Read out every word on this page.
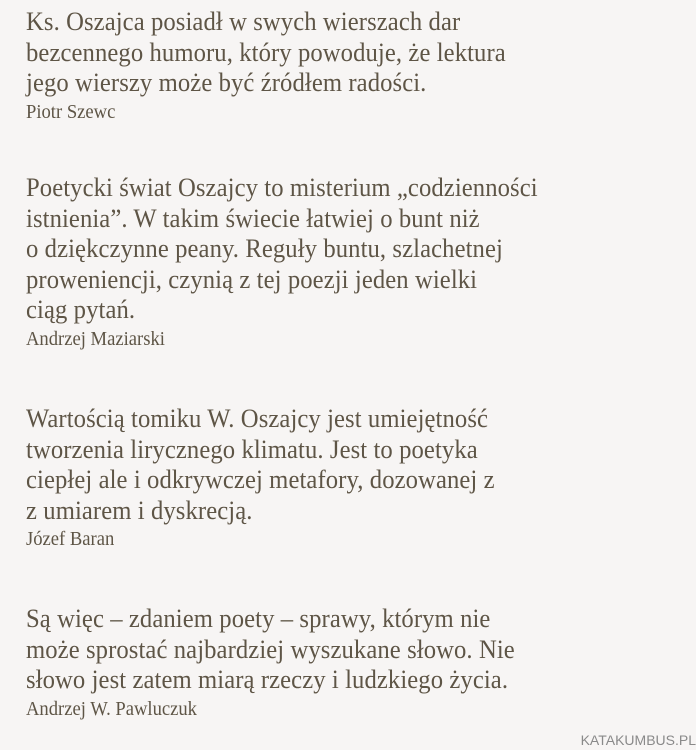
Ks. Oszajca posiadł w swych wierszach dar
bezcennego humoru, który powoduje, że lektura
jego wierszy może być źródłem radości.
Piotr Szewc
Poetycki świat Oszajcy to misterium „codzienności
istnienia”. W takim świecie łatwiej o bunt niż
o dziękczynne peany. Reguły buntu, szlachetnej
proweniencji, czynią z tej poezji jeden wielki
ciąg pytań.
Andrzej Maziarski
Wartością tomiku W. Oszajcy jest umiejętność
tworzenia lirycznego klimatu. Jest to poetyka
ciepłej ale i odkrywczej metafory, dozowanej z
z umiarem i dyskrecją.
Józef Baran
Są więc – zdaniem poety – sprawy, którym nie
może sprostać najbardziej wyszukane słowo. Nie
słowo jest zatem miarą rzeczy i ludzkiego życia.
Andrzej W. Pawluczuk
KATAKUMBUS.PL
